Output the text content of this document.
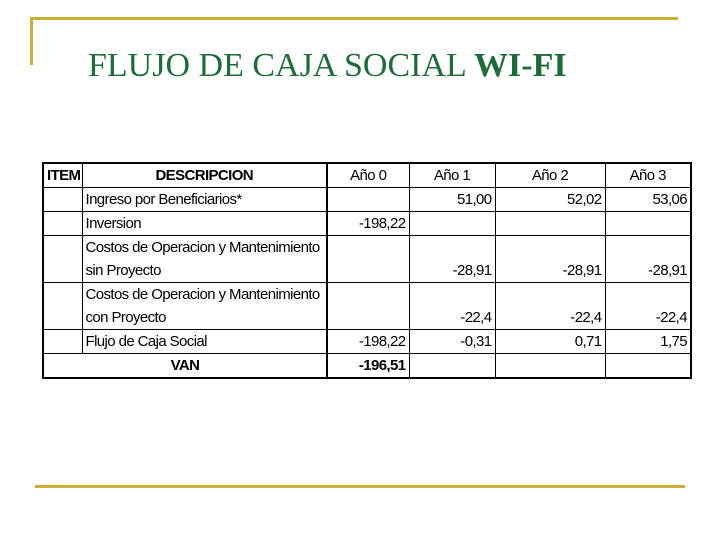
FLUJO DE CAJA SOCIAL WI-FI
ITEM	DESCRIPCION	Año 0	Año 1	Año 2	Año 3
	Ingreso por Beneficiarios*		51,00	52,02	53,06
	Inversion	-198,22			
	Costos de Operacion y Mantenimiento		-28,91	-28,91	-28,91
	sin Proyecto				
	Costos de Operacion y Mantenimiento		-22,4	-22,4	-22,4
	con Proyecto				
	Flujo de Caja Social	-198,22	-0,31	0,71	1,75
VAN		-196,51			
